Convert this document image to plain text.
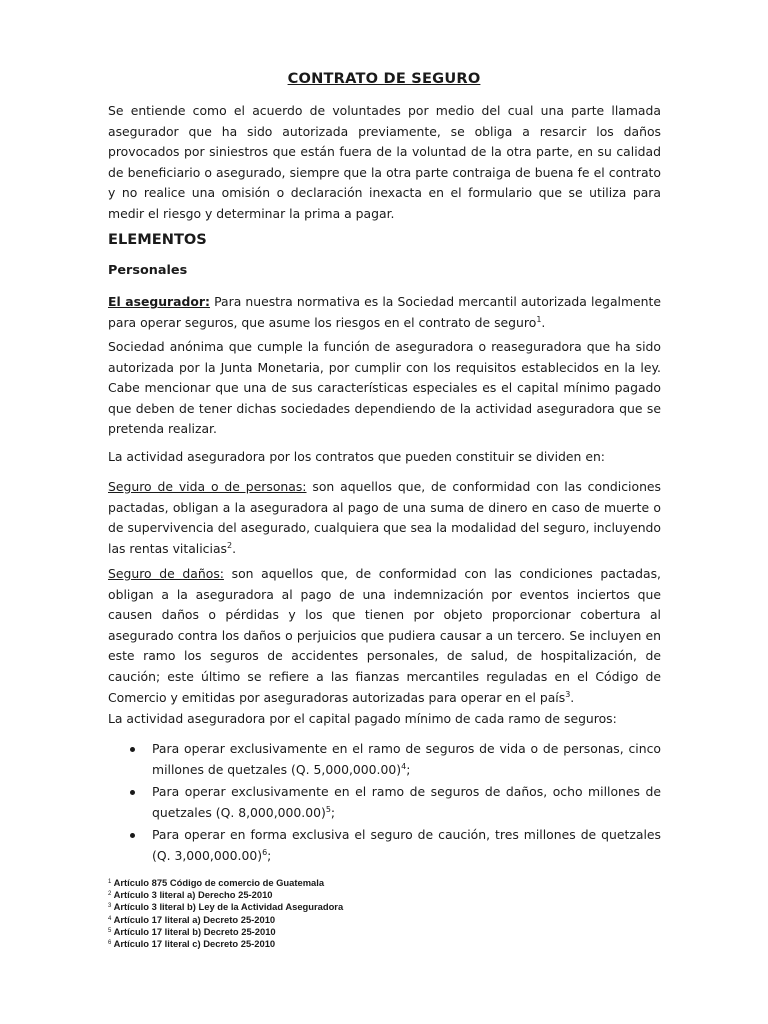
CONTRATO DE SEGURO

Se entiende como el acuerdo de voluntades por medio del cual una parte llamada asegurador que ha sido autorizada previamente, se obliga a resarcir los daños provocados por siniestros que están fuera de la voluntad de la otra parte, en su calidad de beneficiario o asegurado, siempre que la otra parte contraiga de buena fe el contrato y no realice una omisión o declaración inexacta en el formulario que se utiliza para medir el riesgo y determinar la prima a pagar.

ELEMENTOS
Personales

El asegurador: Para nuestra normativa es la Sociedad mercantil autorizada legalmente para operar seguros, que asume los riesgos en el contrato de seguro$^1$.

Sociedad anónima que cumple la función de aseguradora o reaseguradora que ha sido autorizada por la Junta Monetaria, por cumplir con los requisitos establecidos en la ley. Cabe mencionar que una de sus características especiales es el capital mínimo pagado que deben de tener dichas sociedades dependiendo de la actividad aseguradora que se pretenda realizar.

La actividad aseguradora por los contratos que pueden constituir se dividen en:

Seguro de vida o de personas: son aquellos que, de conformidad con las condiciones pactadas, obligan a la aseguradora al pago de una suma de dinero en caso de muerte o de supervivencia del asegurado, cualquiera que sea la modalidad del seguro, incluyendo las rentas vitalicias$^2$.

Seguro de daños: son aquellos que, de conformidad con las condiciones pactadas, obligan a la aseguradora al pago de una indemnización por eventos inciertos que causen daños o pérdidas y los que tienen por objeto proporcionar cobertura al asegurado contra los daños o perjuicios que pudiera causar a un tercero. Se incluyen en este ramo los seguros de accidentes personales, de salud, de hospitalización, de caución; este último se refiere a las fianzas mercantiles reguladas en el Código de Comercio y emitidas por aseguradoras autorizadas para operar en el país$^3$.

La actividad aseguradora por el capital pagado mínimo de cada ramo de seguros:

Para operar exclusivamente en el ramo de seguros de vida o de personas, cinco millones de quetzales (Q. 5,000,000.00)$^4$;
Para operar exclusivamente en el ramo de seguros de daños, ocho millones de quetzales (Q. 8,000,000.00)$^5$;
Para operar en forma exclusiva el seguro de caución, tres millones de quetzales (Q. 3,000,000.00)$^6$;
$^1$ Artículo 875 Código de comercio de Guatemala
$^2$ Artículo 3 literal a) Derecho 25-2010
$^3$ Artículo 3 literal b) Ley de la Actividad Aseguradora
$^4$ Artículo 17 literal a) Decreto 25-2010
$^5$ Artículo 17 literal b) Decreto 25-2010
$^6$ Artículo 17 literal c) Decreto 25-2010
